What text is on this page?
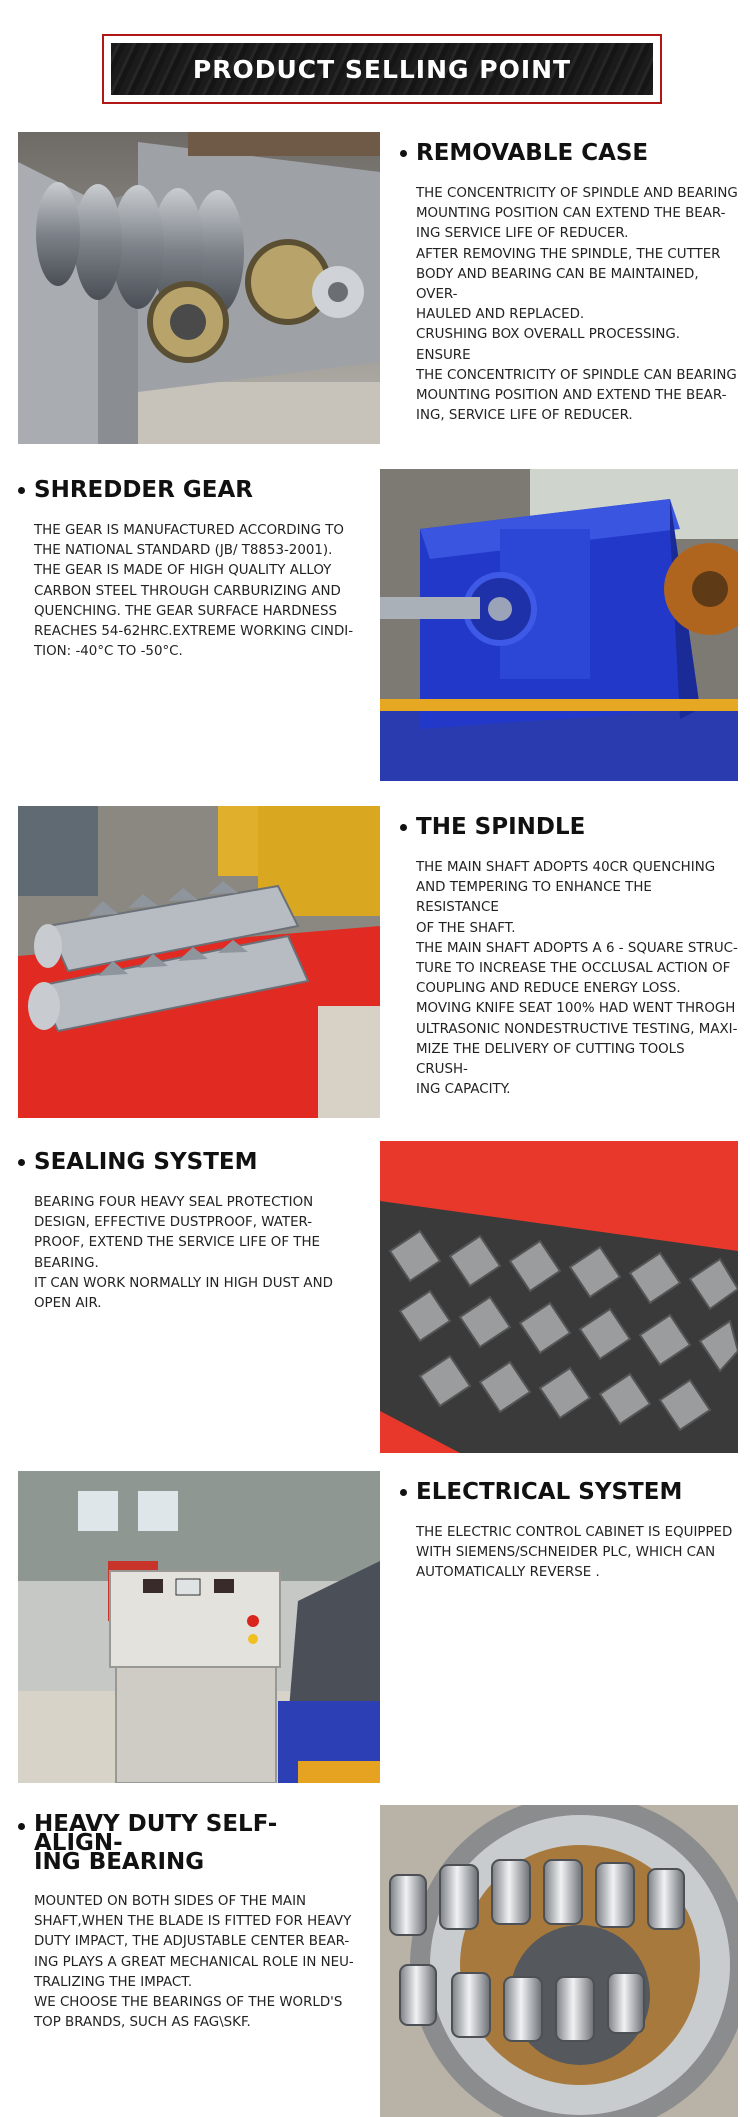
PRODUCT SELLING POINT
REMOVABLE CASE
THE CONCENTRICITY OF SPINDLE AND BEARING
MOUNTING POSITION CAN EXTEND THE BEAR-
ING SERVICE LIFE OF REDUCER.
AFTER REMOVING THE SPINDLE, THE CUTTER
BODY AND BEARING CAN BE MAINTAINED, OVER-
HAULED AND REPLACED.
CRUSHING BOX OVERALL PROCESSING. ENSURE
THE CONCENTRICITY OF SPINDLE CAN BEARING
MOUNTING POSITION AND EXTEND THE BEAR-
ING, SERVICE LIFE OF REDUCER.
SHREDDER GEAR
THE GEAR IS MANUFACTURED ACCORDING TO
THE NATIONAL STANDARD (JB/ T8853-2001).
THE GEAR IS MADE OF HIGH QUALITY ALLOY
CARBON STEEL THROUGH CARBURIZING AND
QUENCHING. THE GEAR SURFACE HARDNESS
REACHES 54-62HRC.EXTREME WORKING CINDI-
TION: -40°C TO -50°C.
THE SPINDLE
THE MAIN SHAFT ADOPTS 40CR QUENCHING
AND TEMPERING TO ENHANCE THE RESISTANCE
OF THE SHAFT.
THE MAIN SHAFT ADOPTS A 6 - SQUARE STRUC-
TURE TO INCREASE THE OCCLUSAL ACTION OF
COUPLING AND REDUCE ENERGY LOSS.
MOVING KNIFE SEAT 100% HAD WENT THROGH
ULTRASONIC NONDESTRUCTIVE TESTING, MAXI-
MIZE THE DELIVERY OF CUTTING TOOLS CRUSH-
ING CAPACITY.
SEALING SYSTEM
BEARING FOUR HEAVY SEAL PROTECTION
DESIGN, EFFECTIVE DUSTPROOF, WATER-
PROOF, EXTEND THE SERVICE LIFE OF THE
BEARING.
IT CAN WORK NORMALLY IN HIGH DUST AND
OPEN AIR.
ELECTRICAL SYSTEM
THE ELECTRIC CONTROL CABINET IS EQUIPPED
WITH SIEMENS/SCHNEIDER PLC, WHICH CAN
AUTOMATICALLY REVERSE .
HEAVY DUTY SELF-ALIGN-
ING BEARING
MOUNTED ON BOTH SIDES OF THE MAIN
SHAFT,WHEN THE BLADE IS FITTED FOR HEAVY
DUTY IMPACT, THE ADJUSTABLE CENTER BEAR-
ING PLAYS A GREAT MECHANICAL ROLE IN NEU-
TRALIZING THE IMPACT.
WE CHOOSE THE BEARINGS OF THE WORLD'S
TOP BRANDS, SUCH AS FAG\SKF.
